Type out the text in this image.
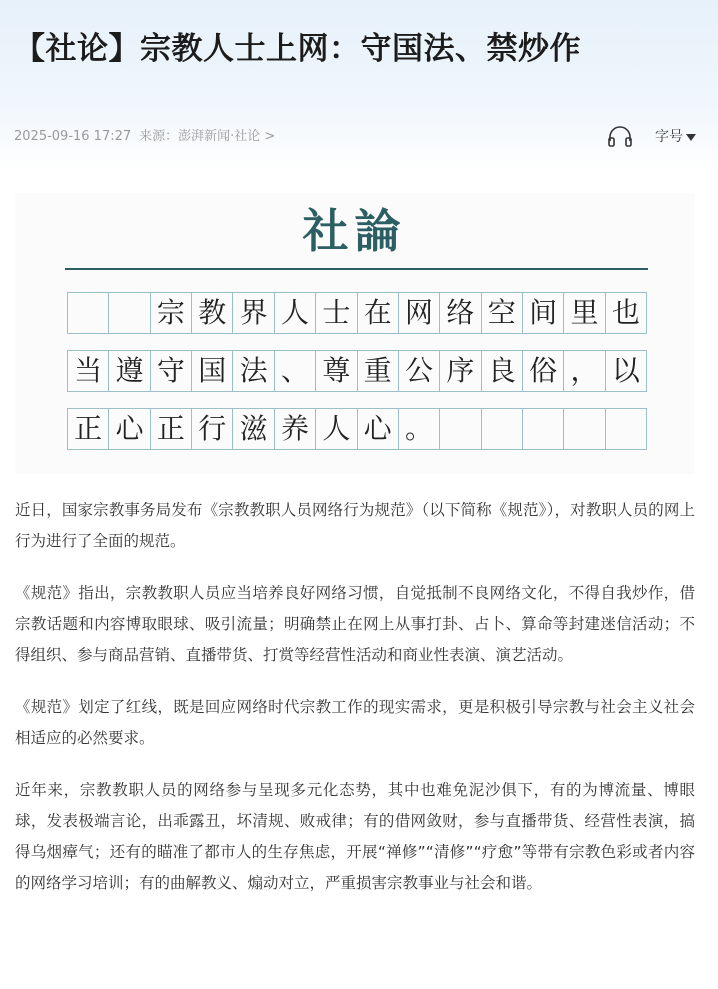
【社论】宗教人士上网：守国法、禁炒作
2025-09-16 17:27 来源：澎湃新闻·社论 >	字号
社論
宗 教 界 人 士 在 网 络 空 间 里 也
当 遵 守 国 法 、 尊 重 公 序 良 俗 ， 以
正 心 正 行 滋 养 人 心 。

近日，国家宗教事务局发布《宗教教职人员网络行为规范》（以下简称《规范》），对教职人员的网上行为进行了全面的规范。

《规范》指出，宗教教职人员应当培养良好网络习惯，自觉抵制不良网络文化，不得自我炒作，借宗教话题和内容博取眼球、吸引流量；明确禁止在网上从事打卦、占卜、算命等封建迷信活动；不得组织、参与商品营销、直播带货、打赏等经营性活动和商业性表演、演艺活动。

《规范》划定了红线，既是回应网络时代宗教工作的现实需求，更是积极引导宗教与社会主义社会相适应的必然要求。

近年来，宗教教职人员的网络参与呈现多元化态势，其中也难免泥沙俱下，有的为博流量、博眼球，发表极端言论，出乖露丑，坏清规、败戒律；有的借网敛财，参与直播带货、经营性表演，搞得乌烟瘴气；还有的瞄准了都市人的生存焦虑，开展“禅修”“清修”“疗愈”等带有宗教色彩或者内容的网络学习培训；有的曲解教义、煽动对立，严重损害宗教事业与社会和谐。
